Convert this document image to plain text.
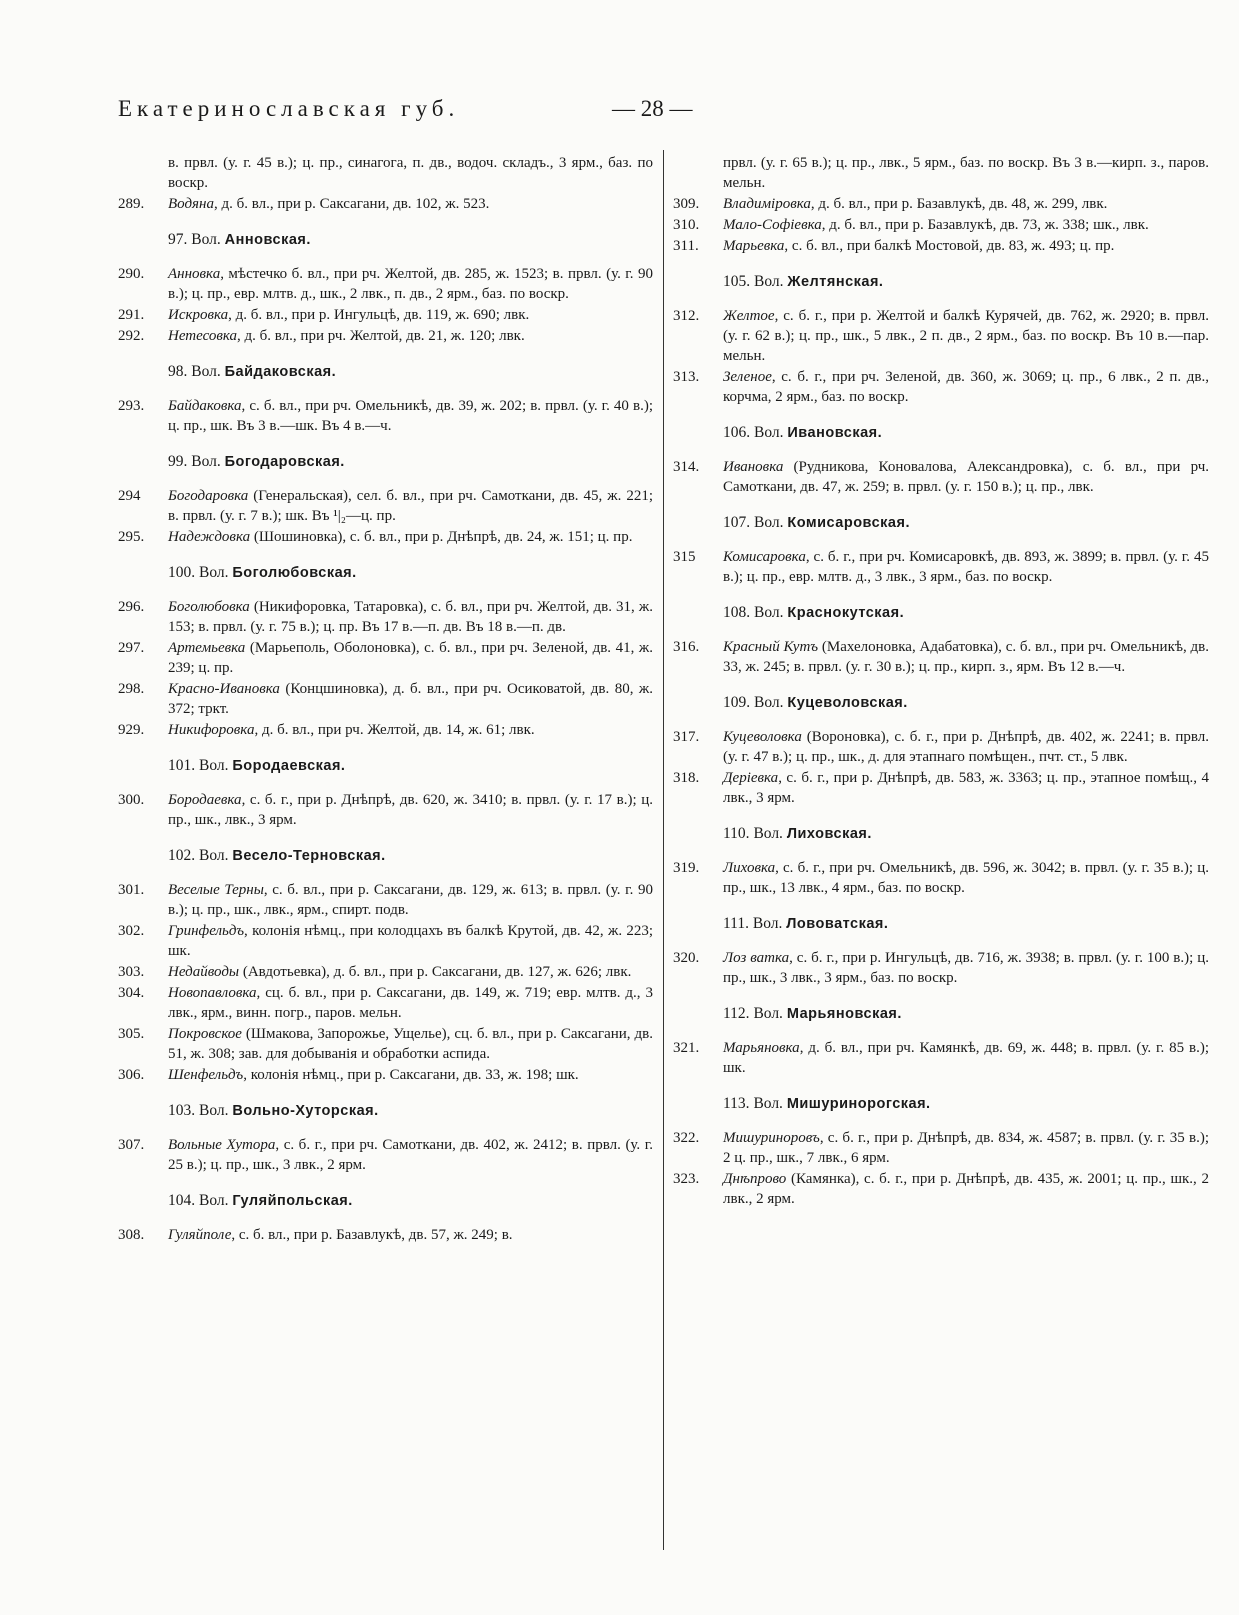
Екатеринославская губ.	— 28 —
в. првл. (у. г. 45 в.); ц. пр., синагога, п. дв., водоч. складъ., 3 ярм., баз. по воскр.
289.	Водяна, д. б. вл., при р. Саксагани, дв. 102, ж. 523.
97. Вол. Анновская.
290.	Анновка, мѣстечко б. вл., при рч. Желтой, дв. 285, ж. 1523; в. првл. (у. г. 90 в.); ц. пр., евр. млтв. д., шк., 2 лвк., п. дв., 2 ярм., баз. по воскр.
291.	Искровка, д. б. вл., при р. Ингульцѣ, дв. 119, ж. 690; лвк.
292.	Нетесовка, д. б. вл., при рч. Желтой, дв. 21, ж. 120; лвк.
98. Вол. Байдаковская.
293.	Байдаковка, с. б. вл., при рч. Омельникѣ, дв. 39, ж. 202; в. првл. (у. г. 40 в.); ц. пр., шк. Въ 3 в.—шк. Въ 4 в.—ч.
99. Вол. Богодаровская.
294	Богодаровка (Генеральская), сел. б. вл., при рч. Самоткани, дв. 45, ж. 221; в. првл. (у. г. 7 в.); шк. Въ ¹|₂—ц. пр.
295.	Надеждовка (Шошиновка), с. б. вл., при р. Днѣпрѣ, дв. 24, ж. 151; ц. пр.
100. Вол. Боголюбовская.
296.	Боголюбовка (Никифоровка, Татаровка), с. б. вл., при рч. Желтой, дв. 31, ж. 153; в. првл. (у. г. 75 в.); ц. пр. Въ 17 в.—п. дв. Въ 18 в.—п. дв.
297.	Артемьевка (Марьеполь, Оболоновка), с. б. вл., при рч. Зеленой, дв. 41, ж. 239; ц. пр.
298.	Красно-Ивановка (Концшиновка), д. б. вл., при рч. Осиковатой, дв. 80, ж. 372; тркт.
929.	Никифоровка, д. б. вл., при рч. Желтой, дв. 14, ж. 61; лвк.
101. Вол. Бородаевская.
300.	Бородаевка, с. б. г., при р. Днѣпрѣ, дв. 620, ж. 3410; в. првл. (у. г. 17 в.); ц. пр., шк., лвк., 3 ярм.
102. Вол. Весело-Терновская.
301.	Веселые Терны, с. б. вл., при р. Саксагани, дв. 129, ж. 613; в. првл. (у. г. 90 в.); ц. пр., шк., лвк., ярм., спирт. подв.
302.	Гринфельдъ, колонія нѣмц., при колодцахъ въ балкѣ Крутой, дв. 42, ж. 223; шк.
303.	Недайводы (Авдотьевка), д. б. вл., при р. Саксагани, дв. 127, ж. 626; лвк.
304.	Новопавловка, сц. б. вл., при р. Саксагани, дв. 149, ж. 719; евр. млтв. д., 3 лвк., ярм., винн. погр., паров. мельн.
305.	Покровское (Шмакова, Запорожье, Ущелье), сц. б. вл., при р. Саксагани, дв. 51, ж. 308; зав. для добыванія и обработки аспида.
306.	Шенфельдъ, колонія нѣмц., при р. Саксагани, дв. 33, ж. 198; шк.
103. Вол. Вольно-Хуторская.
307.	Вольные Хутора, с. б. г., при рч. Самоткани, дв. 402, ж. 2412; в. првл. (у. г. 25 в.); ц. пр., шк., 3 лвк., 2 ярм.
104. Вол. Гуляйпольская.
308.	Гуляйполе, с. б. вл., при р. Базавлукѣ, дв. 57, ж. 249; в.
првл. (у. г. 65 в.); ц. пр., лвк., 5 ярм., баз. по воскр. Въ 3 в.—кирп. з., паров. мельн.
309.	Владиміровка, д. б. вл., при р. Базавлукѣ, дв. 48, ж. 299, лвк.
310.	Мало-Софіевка, д. б. вл., при р. Базавлукѣ, дв. 73, ж. 338; шк., лвк.
311.	Марьевка, с. б. вл., при балкѣ Мостовой, дв. 83, ж. 493; ц. пр.
105. Вол. Желтянская.
312.	Желтое, с. б. г., при р. Желтой и балкѣ Курячей, дв. 762, ж. 2920; в. првл. (у. г. 62 в.); ц. пр., шк., 5 лвк., 2 п. дв., 2 ярм., баз. по воскр. Въ 10 в.—пар. мельн.
313.	Зеленое, с. б. г., при рч. Зеленой, дв. 360, ж. 3069; ц. пр., 6 лвк., 2 п. дв., корчма, 2 ярм., баз. по воскр.
106. Вол. Ивановская.
314.	Ивановка (Рудникова, Коновалова, Александровка), с. б. вл., при рч. Самоткани, дв. 47, ж. 259; в. првл. (у. г. 150 в.); ц. пр., лвк.
107. Вол. Комисаровская.
315	Комисаровка, с. б. г., при рч. Комисаровкѣ, дв. 893, ж. 3899; в. првл. (у. г. 45 в.); ц. пр., евр. млтв. д., 3 лвк., 3 ярм., баз. по воскр.
108. Вол. Краснокутская.
316.	Красный Кутъ (Махелоновка, Адабатовка), с. б. вл., при рч. Омельникѣ, дв. 33, ж. 245; в. првл. (у. г. 30 в.); ц. пр., кирп. з., ярм. Въ 12 в.—ч.
109. Вол. Куцеволовская.
317.	Куцеволовка (Вороновка), с. б. г., при р. Днѣпрѣ, дв. 402, ж. 2241; в. првл. (у. г. 47 в.); ц. пр., шк., д. для этапнаго помѣщен., пчт. ст., 5 лвк.
318.	Деріевка, с. б. г., при р. Днѣпрѣ, дв. 583, ж. 3363; ц. пр., этапное помѣщ., 4 лвк., 3 ярм.
110. Вол. Лиховская.
319.	Лиховка, с. б. г., при рч. Омельникѣ, дв. 596, ж. 3042; в. првл. (у. г. 35 в.); ц. пр., шк., 13 лвк., 4 ярм., баз. по воскр.
111. Вол. Лововатская.
320.	Лоз ватка, с. б. г., при р. Ингульцѣ, дв. 716, ж. 3938; в. првл. (у. г. 100 в.); ц. пр., шк., 3 лвк., 3 ярм., баз. по воскр.
112. Вол. Марьяновская.
321.	Марьяновка, д. б. вл., при рч. Камянкѣ, дв. 69, ж. 448; в. првл. (у. г. 85 в.); шк.
113. Вол. Мишуринорогская.
322.	Мишуриноровъ, с. б. г., при р. Днѣпрѣ, дв. 834, ж. 4587; в. првл. (у. г. 35 в.); 2 ц. пр., шк., 7 лвк., 6 ярм.
323.	Днѣпрово (Камянка), с. б. г., при р. Днѣпрѣ, дв. 435, ж. 2001; ц. пр., шк., 2 лвк., 2 ярм.
